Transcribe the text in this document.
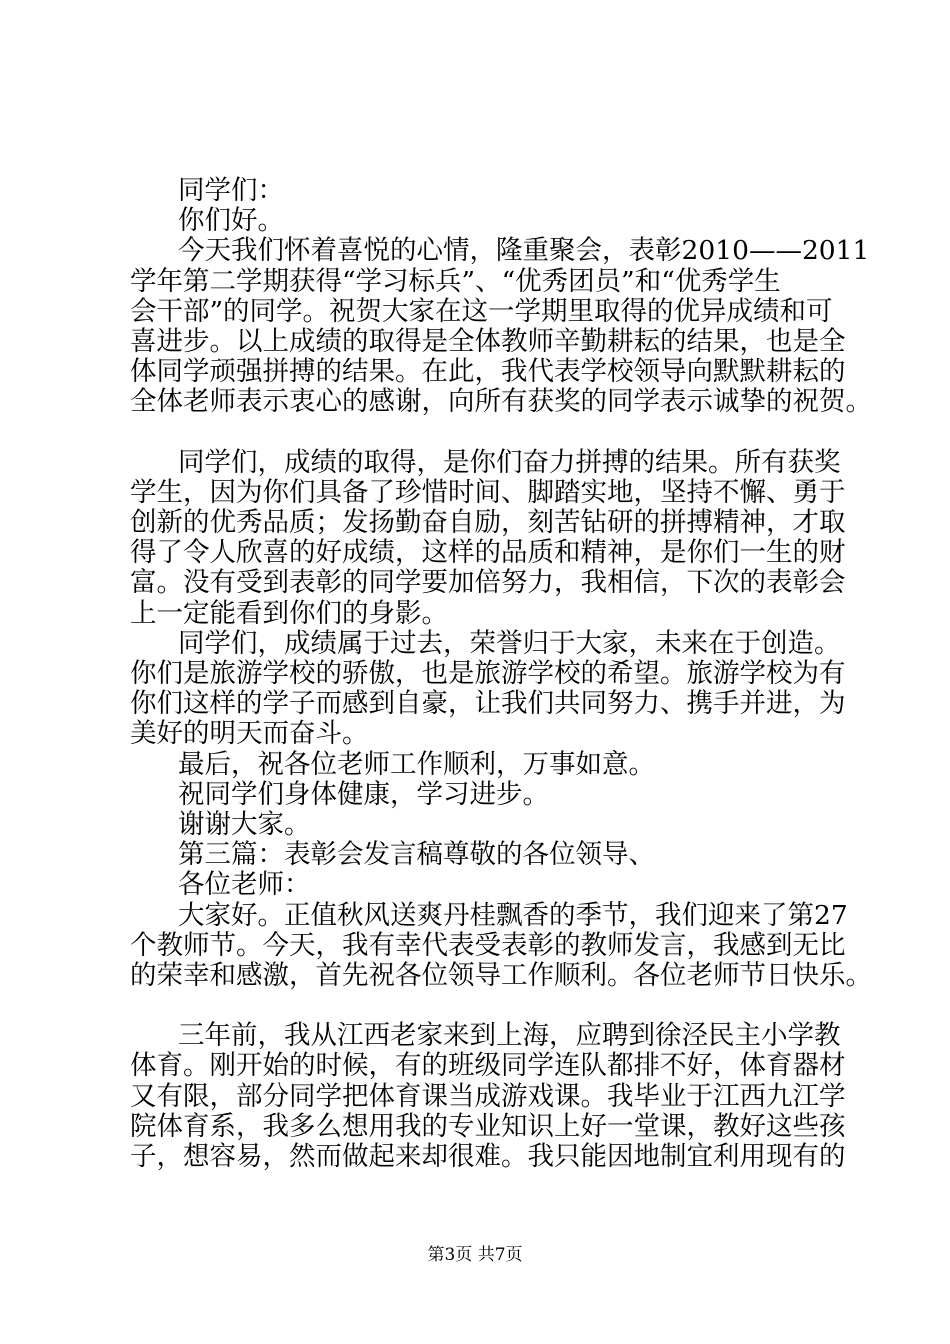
同学们：
你们好。
今天我们怀着喜悦的心情，隆重聚会，表彰2010——2011
学年第二学期获得“学习标兵”、“优秀团员”和“优秀学生
会干部”的同学。祝贺大家在这一学期里取得的优异成绩和可
喜进步。以上成绩的取得是全体教师辛勤耕耘的结果，也是全
体同学顽强拼搏的结果。在此，我代表学校领导向默默耕耘的
全体老师表示衷心的感谢，向所有获奖的同学表示诚挚的祝贺。
同学们，成绩的取得，是你们奋力拼搏的结果。所有获奖
学生，因为你们具备了珍惜时间、脚踏实地，坚持不懈、勇于
创新的优秀品质；发扬勤奋自励，刻苦钻研的拼搏精神，才取
得了令人欣喜的好成绩，这样的品质和精神，是你们一生的财
富。没有受到表彰的同学要加倍努力，我相信，下次的表彰会
上一定能看到你们的身影。
同学们，成绩属于过去，荣誉归于大家，未来在于创造。
你们是旅游学校的骄傲，也是旅游学校的希望。旅游学校为有
你们这样的学子而感到自豪，让我们共同努力、携手并进，为
美好的明天而奋斗。
最后，祝各位老师工作顺利，万事如意。
祝同学们身体健康，学习进步。
谢谢大家。
第三篇：表彰会发言稿尊敬的各位领导、
各位老师：
大家好。正值秋风送爽丹桂飘香的季节，我们迎来了第27
个教师节。今天，我有幸代表受表彰的教师发言，我感到无比
的荣幸和感激，首先祝各位领导工作顺利。各位老师节日快乐。
三年前，我从江西老家来到上海，应聘到徐泾民主小学教
体育。刚开始的时候，有的班级同学连队都排不好，体育器材
又有限，部分同学把体育课当成游戏课。我毕业于江西九江学
院体育系，我多么想用我的专业知识上好一堂课，教好这些孩
子，想容易，然而做起来却很难。我只能因地制宜利用现有的
第3页 共7页
